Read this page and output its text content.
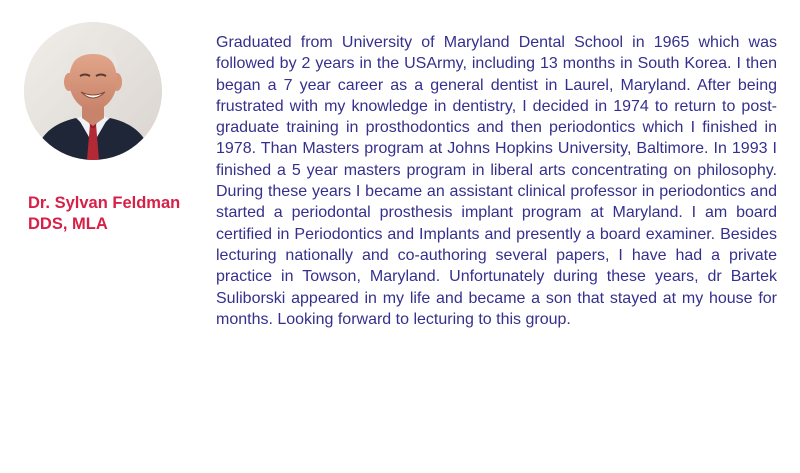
Dr. Sylvan Feldman
DDS, MLA

Graduated from University of Maryland Dental School in 1965 which was followed by 2 years in the USArmy, including 13 months in South Korea. I then began a 7 year career as a general dentist in Laurel, Maryland. After being frustrated with my knowledge in dentistry, I decided in 1974 to return to post-graduate training in prosthodontics and then periodontics which I finished in 1978. Than Masters program at Johns Hopkins University, Baltimore. In 1993 I finished a 5 year masters program in liberal arts concentrating on philosophy. During these years I became an assistant clinical professor in periodontics and started a periodontal prosthesis implant program at Maryland. I am board certified in Periodontics and Implants and presently a board examiner. Besides lecturing nationally and co-authoring several papers, I have had a private practice in Towson, Maryland. Unfortunately during these years, dr Bartek Suliborski appeared in my life and became a son that stayed at my house for months. Looking forward to lecturing to this group.
